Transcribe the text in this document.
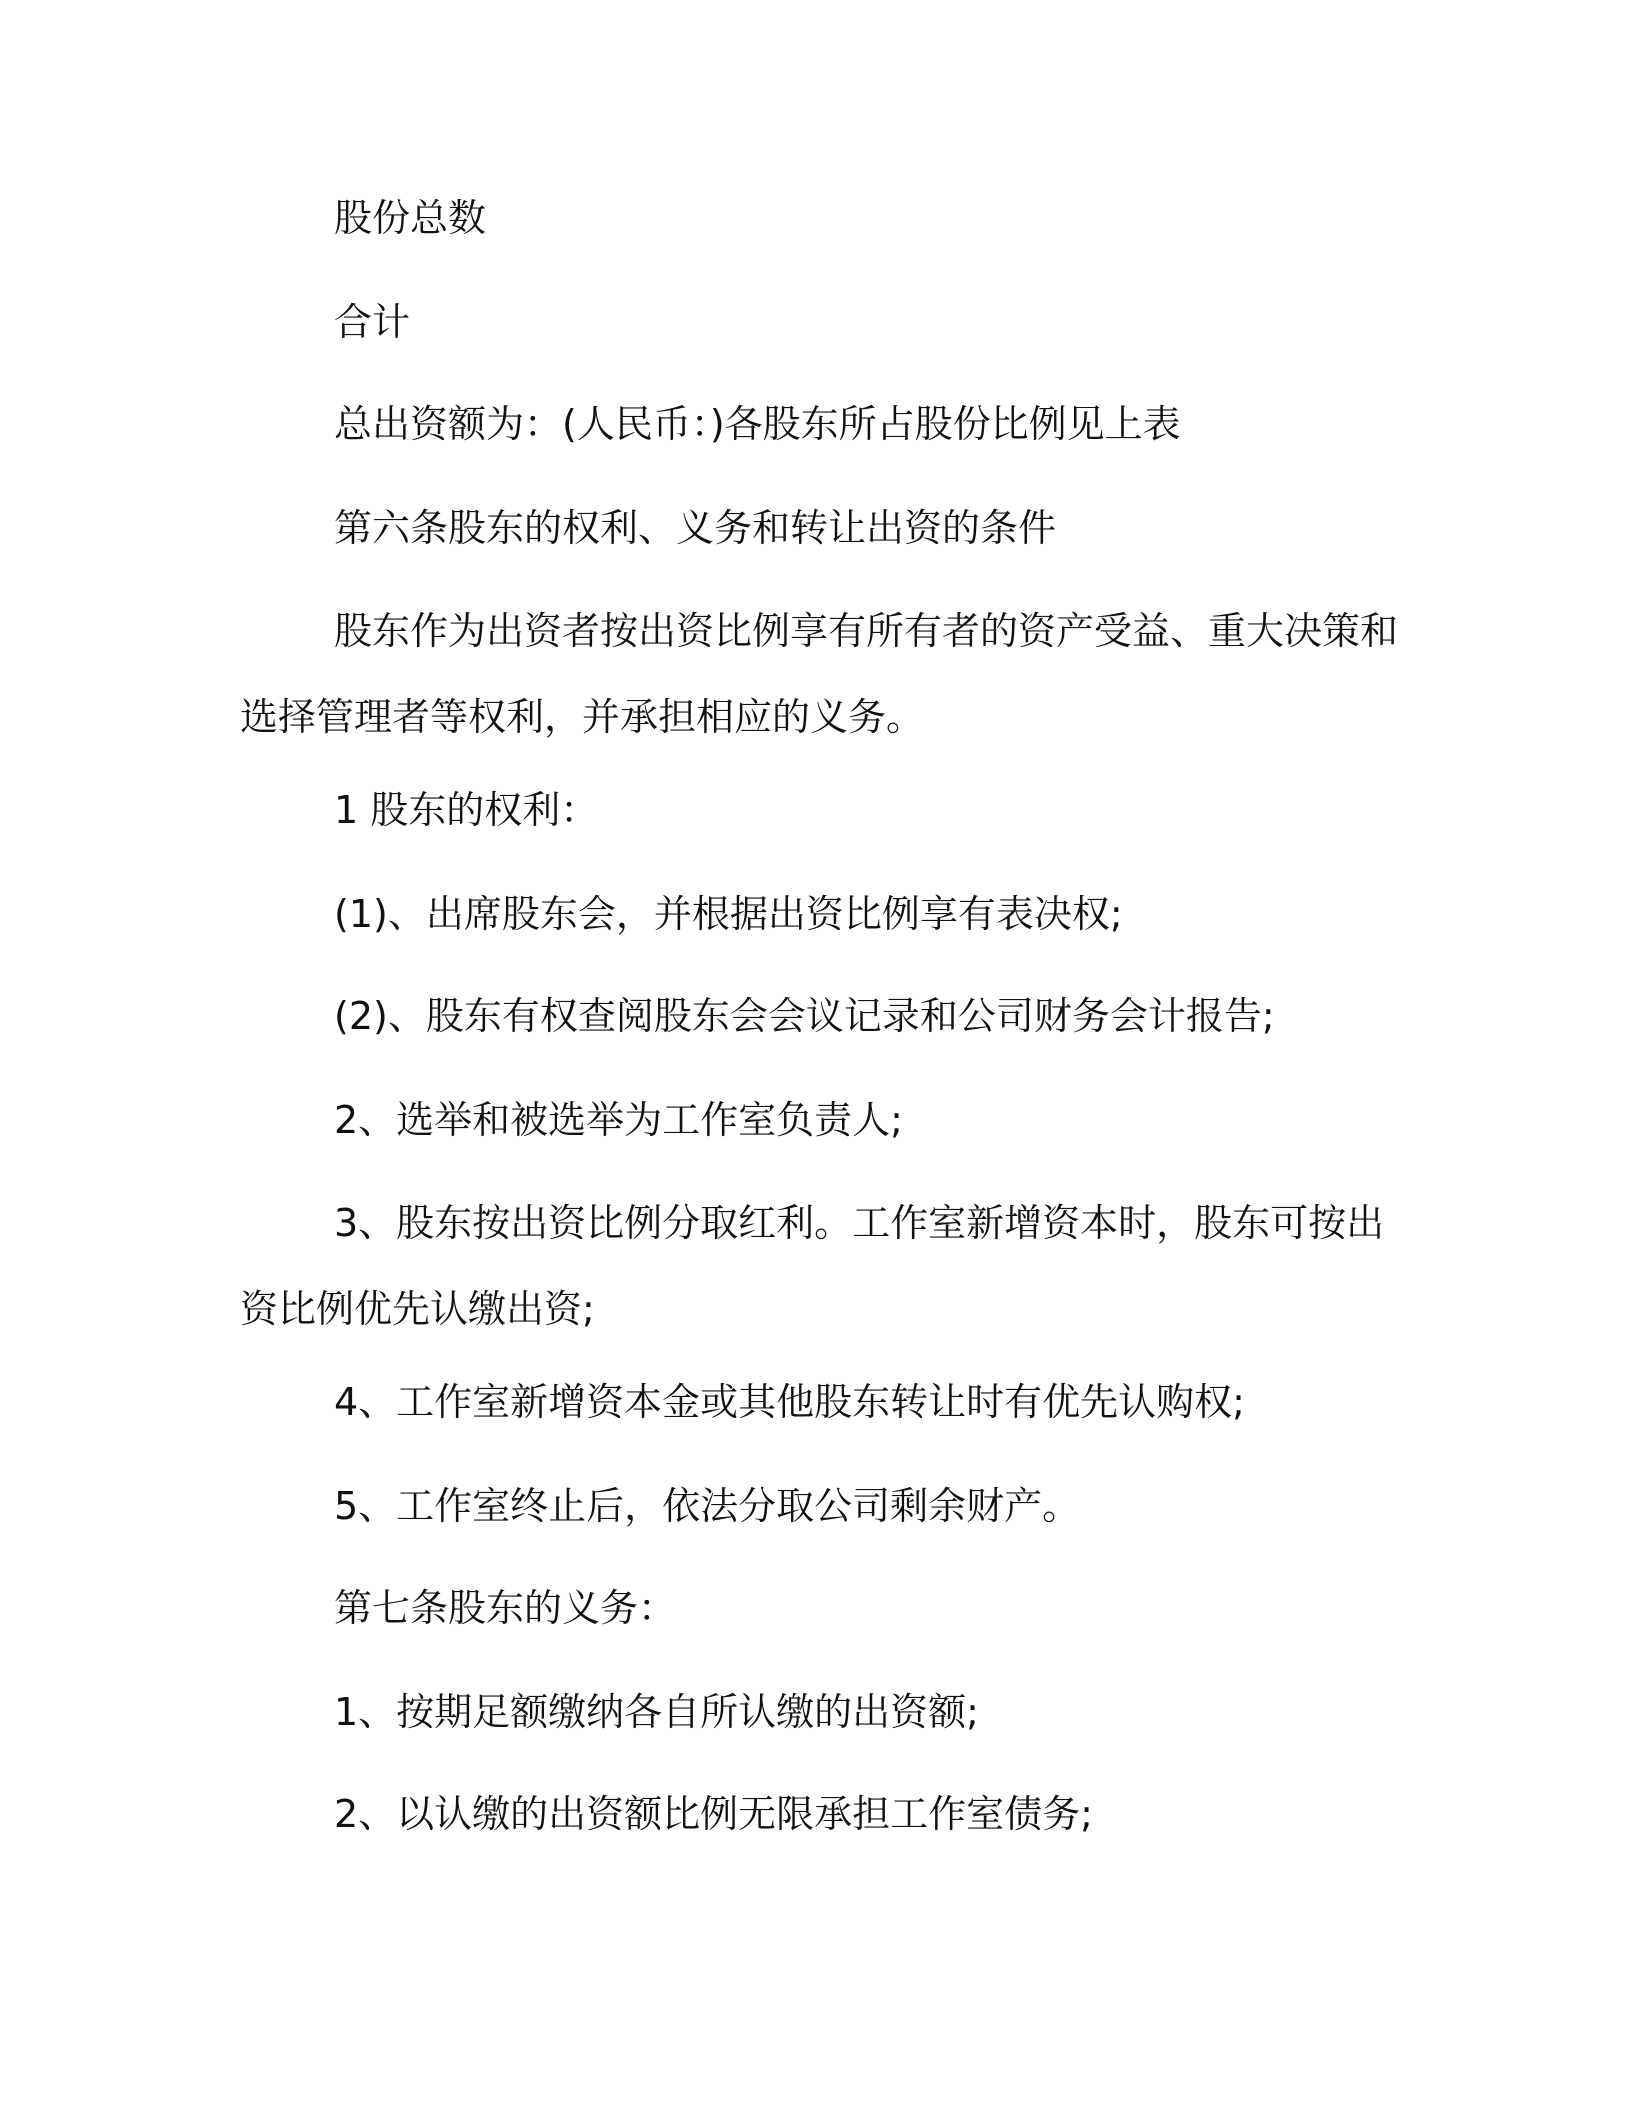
股份总数

合计

总出资额为：(人民币：)各股东所占股份比例见上表

第六条股东的权利、义务和转让出资的条件

股东作为出资者按出资比例享有所有者的资产受益、重大决策和选择管理者等权利，并承担相应的义务。

1 股东的权利：

(1)、出席股东会，并根据出资比例享有表决权;

(2)、股东有权查阅股东会会议记录和公司财务会计报告;

2、选举和被选举为工作室负责人;

3、股东按出资比例分取红利。工作室新增资本时，股东可按出资比例优先认缴出资;

4、工作室新增资本金或其他股东转让时有优先认购权;

5、工作室终止后，依法分取公司剩余财产。

第七条股东的义务：

1、按期足额缴纳各自所认缴的出资额;

2、以认缴的出资额比例无限承担工作室债务;
